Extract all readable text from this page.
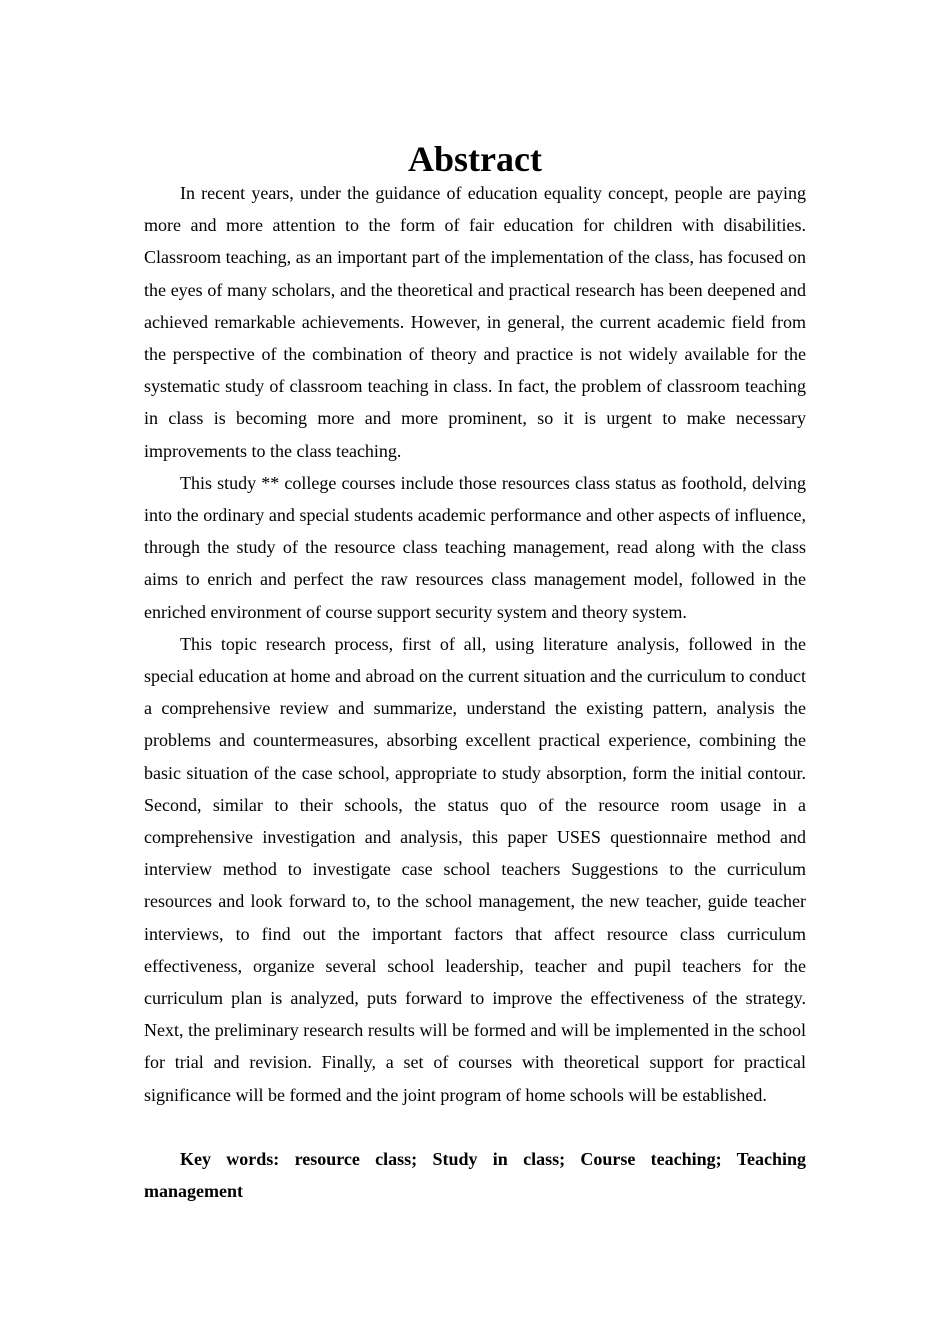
Abstract

In recent years, under the guidance of education equality concept, people are paying more and more attention to the form of fair education for children with disabilities. Classroom teaching, as an important part of the implementation of the class, has focused on the eyes of many scholars, and the theoretical and practical research has been deepened and achieved remarkable achievements. However, in general, the current academic field from the perspective of the combination of theory and practice is not widely available for the systematic study of classroom teaching in class. In fact, the problem of classroom teaching in class is becoming more and more prominent, so it is urgent to make necessary improvements to the class teaching.

This study ** college courses include those resources class status as foothold, delving into the ordinary and special students academic performance and other aspects of influence, through the study of the resource class teaching management, read along with the class aims to enrich and perfect the raw resources class management model, followed in the enriched environment of course support security system and theory system.

This topic research process, first of all, using literature analysis, followed in the special education at home and abroad on the current situation and the curriculum to conduct a comprehensive review and summarize, understand the existing pattern, analysis the problems and countermeasures, absorbing excellent practical experience, combining the basic situation of the case school, appropriate to study absorption, form the initial contour. Second, similar to their schools, the status quo of the resource room usage in a comprehensive investigation and analysis, this paper USES questionnaire method and interview method to investigate case school teachers Suggestions to the curriculum resources and look forward to, to the school management, the new teacher, guide teacher interviews, to find out the important factors that affect resource class curriculum effectiveness, organize several school leadership, teacher and pupil teachers for the curriculum plan is analyzed, puts forward to improve the effectiveness of the strategy. Next, the preliminary research results will be formed and will be implemented in the school for trial and revision. Finally, a set of courses with theoretical support for practical significance will be formed and the joint program of home schools will be established.

Key words: resource class; Study in class; Course teaching; Teaching management
